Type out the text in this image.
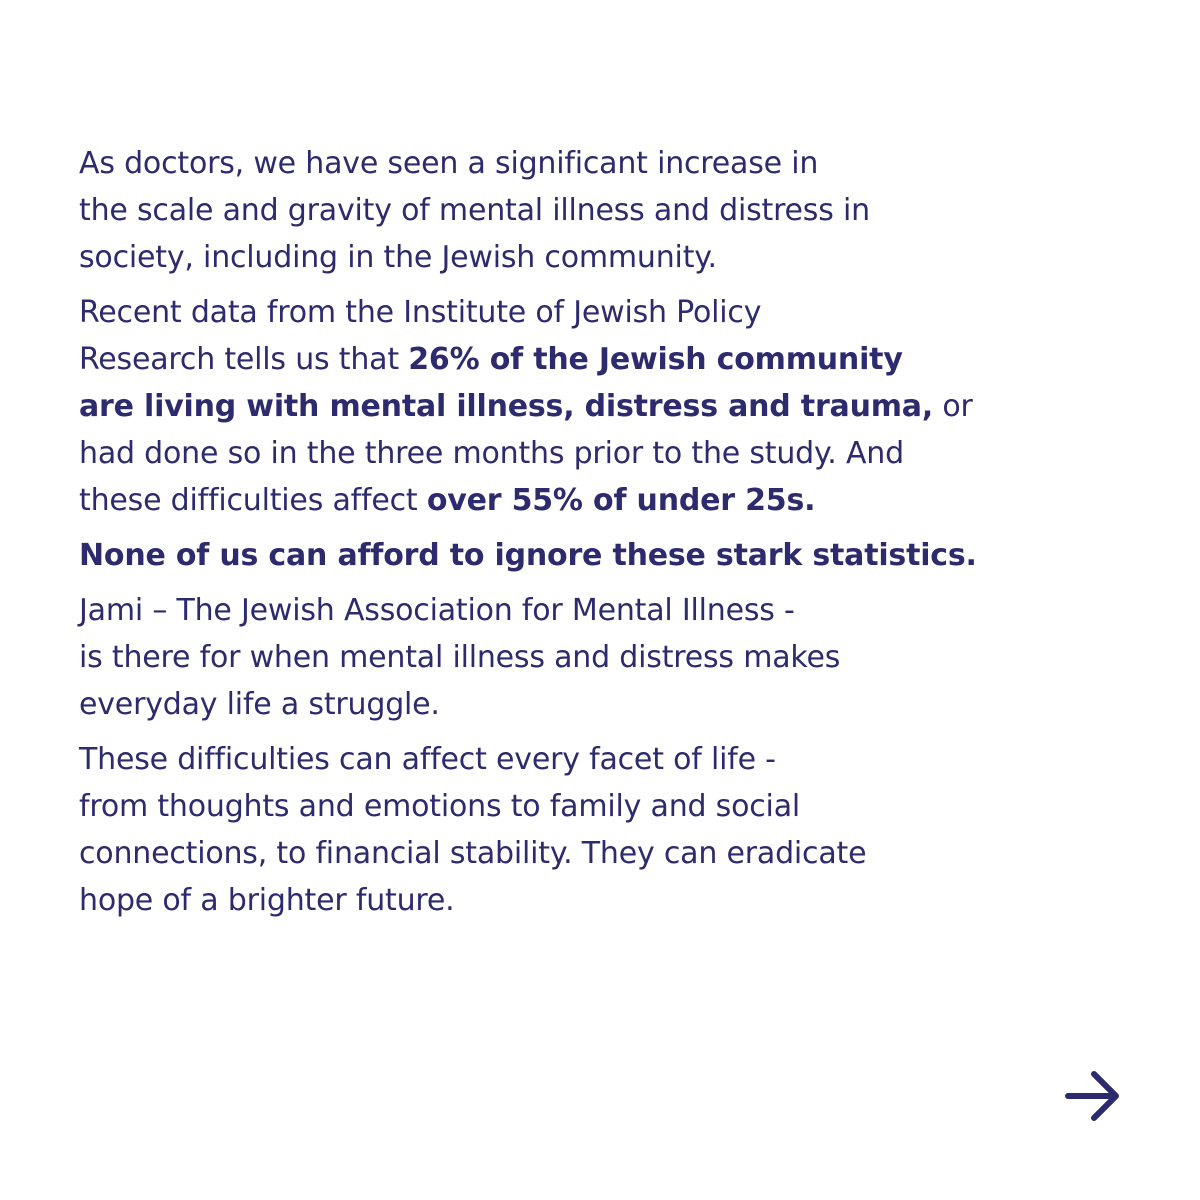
As doctors, we have seen a significant increase in
the scale and gravity of mental illness and distress in
society, including in the Jewish community.
Recent data from the Institute of Jewish Policy
Research tells us that 26% of the Jewish community
are living with mental illness, distress and trauma, or
had done so in the three months prior to the study. And
these difficulties affect over 55% of under 25s.
None of us can afford to ignore these stark statistics.
Jami – The Jewish Association for Mental Illness -
is there for when mental illness and distress makes
everyday life a struggle.
These difficulties can affect every facet of life -
from thoughts and emotions to family and social
connections, to financial stability. They can eradicate
hope of a brighter future.
